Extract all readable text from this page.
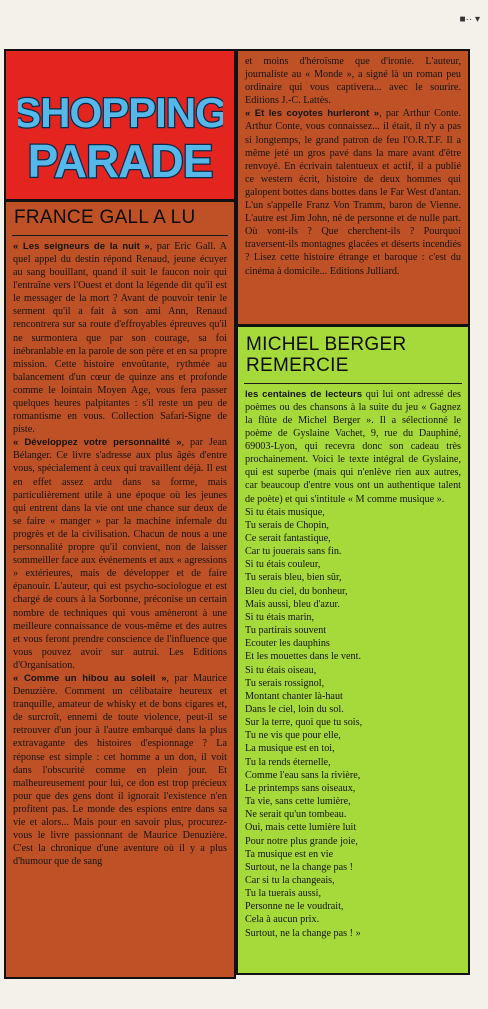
■·· ▾
SHOPPING
PARADE
FRANCE GALL A LU

« Les seigneurs de la nuit », par Eric Gall. A quel appel du destin répond Renaud, jeune écuyer au sang bouillant, quand il suit le faucon noir qui l'entraîne vers l'Ouest et dont la légende dit qu'il est le messager de la mort ? Avant de pouvoir tenir le serment qu'il a fait à son ami Ann, Renaud rencontrera sur sa route d'effroyables épreuves qu'il ne surmontera que par son courage, sa foi inébranlable en la parole de son père et en sa propre mission. Cette histoire envoûtante, rythmée au balancement d'un cœur de quinze ans et profonde comme le lointain Moyen Age, vous fera passer quelques heures palpitantes : s'il reste un peu de romantisme en vous. Collection Safari-Signe de piste.

« Développez votre personnalité », par Jean Bélanger. Ce livre s'adresse aux plus âgés d'entre vous, spécialement à ceux qui travaillent déjà. Il est en effet assez ardu dans sa forme, mais particulièrement utile à une époque où les jeunes qui entrent dans la vie ont une chance sur deux de se faire « manger » par la machine infernale du progrès et de la civilisation. Chacun de nous a une personnalité propre qu'il convient, non de laisser sommeiller face aux événements et aux « agressions » extérieures, mais de développer et de faire épanouir. L'auteur, qui est psycho-sociologue et est chargé de cours à la Sorbonne, préconise un certain nombre de techniques qui vous amèneront à une meilleure connaissance de vous-même et des autres et vous feront prendre conscience de l'influence que vous pouvez avoir sur autrui. Les Editions d'Organisation.

« Comme un hibou au soleil », par Maurice Denuzière. Comment un célibataire heureux et tranquille, amateur de whisky et de bons cigares et, de surcroît, ennemi de toute violence, peut-il se retrouver d'un jour à l'autre embarqué dans la plus extravagante des histoires d'espionnage ? La réponse est simple : cet homme a un don, il voit dans l'obscurité comme en plein jour. Et malheureusement pour lui, ce don est trop précieux pour que des gens dont il ignorait l'existence n'en profitent pas. Le monde des espions entre dans sa vie et alors... Mais pour en savoir plus, procurez-vous le livre passionnant de Maurice Denuzière. C'est la chronique d'une aventure où il y a plus d'humour que de sang

et moins d'héroïsme que d'ironie. L'auteur, journaliste au « Monde », a signé là un roman peu ordinaire qui vous captivera... avec le sourire. Editions J.-C. Lattès.

« Et les coyotes hurleront », par Arthur Conte. Arthur Conte, vous connaissez... il était, il n'y a pas si longtemps, le grand patron de feu l'O.R.T.F. Il a même jeté un gros pavé dans la mare avant d'être renvoyé. En écrivain talentueux et actif, il a publié ce western écrit, histoire de deux hommes qui galopent bottes dans bottes dans le Far West d'antan. L'un s'appelle Franz Von Tramm, baron de Vienne. L'autre est Jim John, né de personne et de nulle part. Où vont-ils ? Que cherchent-ils ? Pourquoi traversent-ils montagnes glacées et déserts incendiés ? Lisez cette histoire étrange et baroque : c'est du cinéma à domicile... Editions Julliard.

MICHEL BERGER
REMERCIE

les centaines de lecteurs qui lui ont adressé des poèmes ou des chansons à la suite du jeu « Gagnez la flûte de Michel Berger ». Il a sélectionné le poème de Gyslaine Vachet, 9, rue du Dauphiné, 69003-Lyon, qui recevra donc son cadeau très prochainement. Voici le texte intégral de Gyslaine, qui est superbe (mais qui n'enlève rien aux autres, car beaucoup d'entre vous ont un authentique talent de poète) et qui s'intitule « M comme musique ».

Si tu étais musique,
Tu serais de Chopin,
Ce serait fantastique,
Car tu jouerais sans fin.
Si tu étais couleur,
Tu serais bleu, bien sûr,
Bleu du ciel, du bonheur,
Mais aussi, bleu d'azur.
Si tu étais marin,
Tu partirais souvent
Ecouter les dauphins
Et les mouettes dans le vent.
Si tu étais oiseau,
Tu serais rossignol,
Montant chanter là-haut
Dans le ciel, loin du sol.
Sur la terre, quoi que tu sois,
Tu ne vis que pour elle,
La musique est en toi,
Tu la rends éternelle,
Comme l'eau sans la rivière,
Le printemps sans oiseaux,
Ta vie, sans cette lumière,
Ne serait qu'un tombeau.
Oui, mais cette lumière luit
Pour notre plus grande joie,
Ta musique est en vie
Surtout, ne la change pas !
Car si tu la changeais,
Tu la tuerais aussi,
Personne ne le voudrait,
Cela à aucun prix.
Surtout, ne la change pas ! »
